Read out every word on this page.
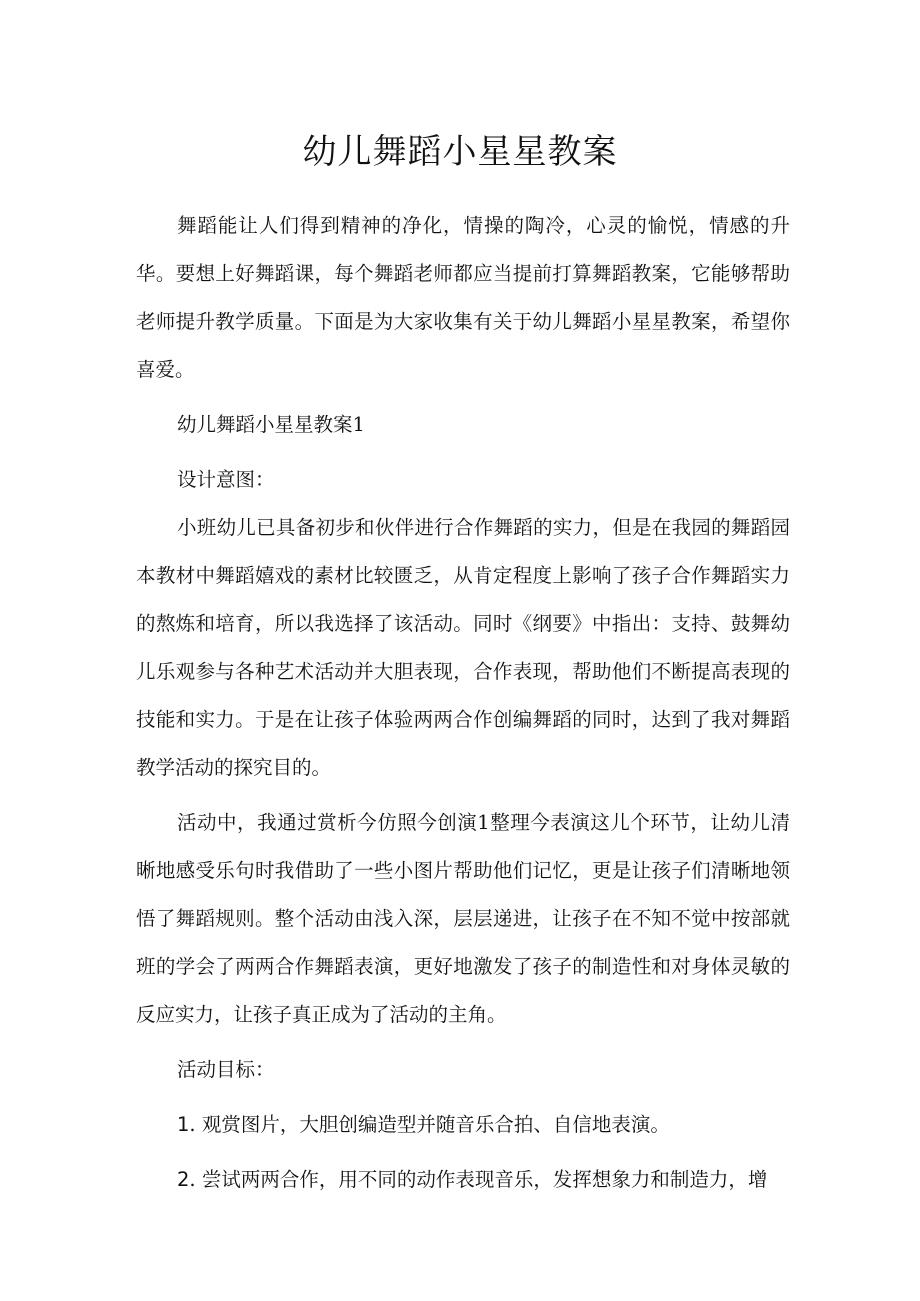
幼儿舞蹈小星星教案

舞蹈能让人们得到精神的净化，情操的陶冷，心灵的愉悦，情感的升华。要想上好舞蹈课，每个舞蹈老师都应当提前打算舞蹈教案，它能够帮助老师提升教学质量。下面是为大家收集有关于幼儿舞蹈小星星教案，希望你喜爱。

幼儿舞蹈小星星教案1

设计意图：

小班幼儿已具备初步和伙伴进行合作舞蹈的实力，但是在我园的舞蹈园本教材中舞蹈嬉戏的素材比较匮乏，从肯定程度上影响了孩子合作舞蹈实力的熬炼和培育，所以我选择了该活动。同时《纲要》中指出：支持、鼓舞幼儿乐观参与各种艺术活动并大胆表现，合作表现，帮助他们不断提高表现的技能和实力。于是在让孩子体验两两合作创编舞蹈的同时，达到了我对舞蹈教学活动的探究目的。

活动中，我通过赏析今仿照今创演1整理今表演这儿个环节，让幼儿清晰地感受乐句时我借助了一些小图片帮助他们记忆，更是让孩子们清晰地领悟了舞蹈规则。整个活动由浅入深，层层递进，让孩子在不知不觉中按部就班的学会了两两合作舞蹈表演，更好地激发了孩子的制造性和对身体灵敏的反应实力，让孩子真正成为了活动的主角。

活动目标：

1. 观赏图片，大胆创编造型并随音乐合拍、自信地表演。

2. 尝试两两合作，用不同的动作表现音乐，发挥想象力和制造力，增
